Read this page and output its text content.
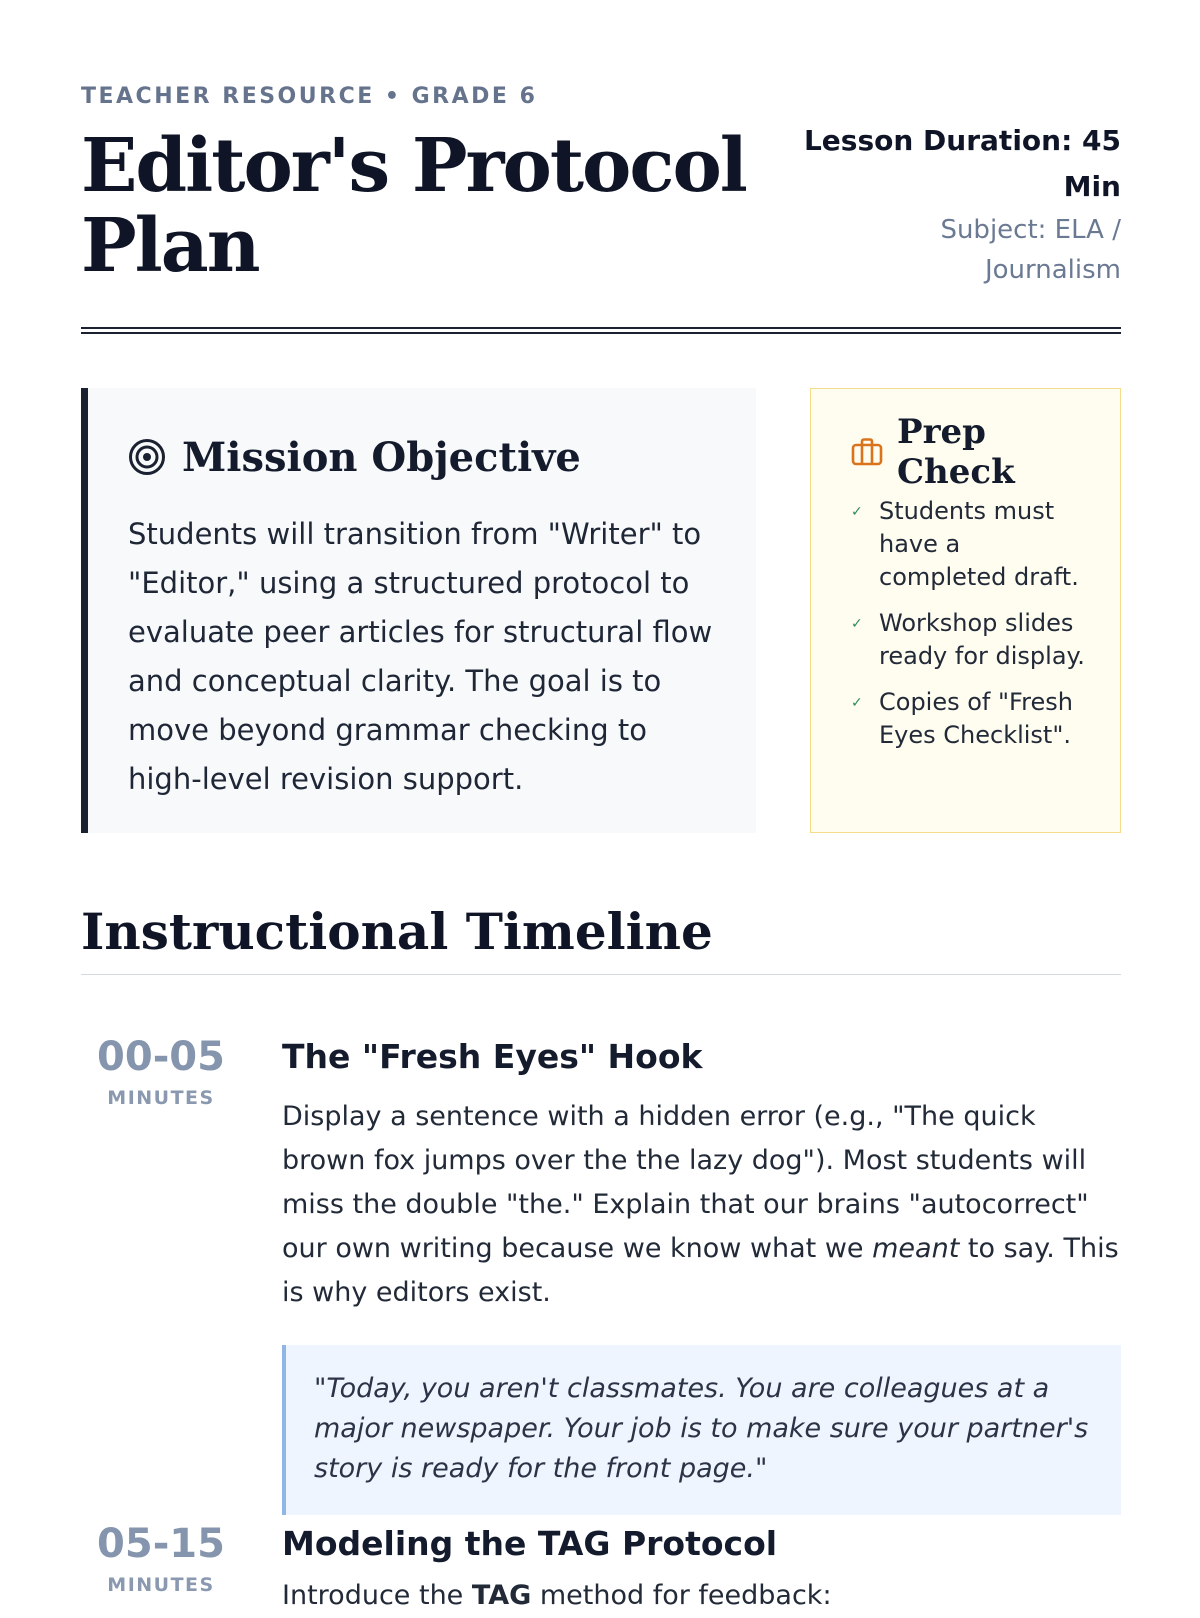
TEACHER RESOURCE • GRADE 6
Editor's Protocol Plan
Lesson Duration: 45 Min
Subject: ELA / Journalism
Mission Objective
Students will transition from "Writer" to "Editor," using a structured protocol to evaluate peer articles for structural flow and conceptual clarity. The goal is to move beyond grammar checking to high-level revision support.
Prep Check
✓ Students must have a completed draft.
✓ Workshop slides ready for display.
✓ Copies of "Fresh Eyes Checklist".
Instructional Timeline
00-05
MINUTES
The "Fresh Eyes" Hook
Display a sentence with a hidden error (e.g., "The quick brown fox jumps over the the lazy dog"). Most students will miss the double "the." Explain that our brains "autocorrect" our own writing because we know what we meant to say. This is why editors exist.
"Today, you aren't classmates. You are colleagues at a major newspaper. Your job is to make sure your partner's story is ready for the front page."
05-15
MINUTES
Modeling the TAG Protocol
Introduce the TAG method for feedback:
